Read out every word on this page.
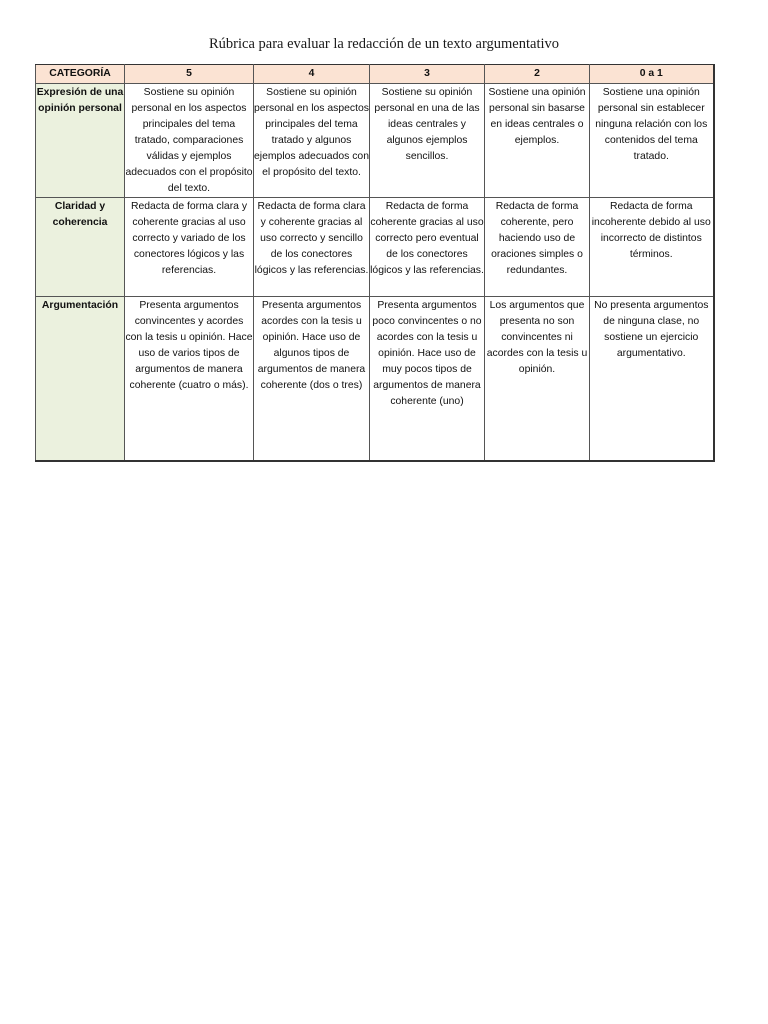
Rúbrica para evaluar la redacción de un texto argumentativo
CATEGORÍA	5	4	3	2	0 a 1
Expresión de una opinión personal	Sostiene su opinión personal en los aspectos principales del tema tratado, comparaciones válidas y ejemplos adecuados con el propósito del texto.	Sostiene su opinión personal en los aspectos principales del tema tratado y algunos ejemplos adecuados con el propósito del texto.	Sostiene su opinión personal en una de las ideas centrales y algunos ejemplos sencillos.	Sostiene una opinión personal sin basarse en ideas centrales o ejemplos.	Sostiene una opinión personal sin establecer ninguna relación con los contenidos del tema tratado.
Claridad y coherencia	Redacta de forma clara y coherente gracias al uso correcto y variado de los conectores lógicos y las referencias.	Redacta de forma clara y coherente gracias al uso correcto y sencillo de los conectores lógicos y las referencias.	Redacta de forma coherente gracias al uso correcto pero eventual de los conectores lógicos y las referencias.	Redacta de forma coherente, pero haciendo uso de oraciones simples o redundantes.	Redacta de forma incoherente debido al uso incorrecto de distintos términos.
Argumentación	Presenta argumentos convincentes y acordes con la tesis u opinión. Hace uso de varios tipos de argumentos de manera coherente (cuatro o más).	Presenta argumentos acordes con la tesis u opinión. Hace uso de algunos tipos de argumentos de manera coherente (dos o tres)	Presenta argumentos poco convincentes o no acordes con la tesis u opinión. Hace uso de muy pocos tipos de argumentos de manera coherente (uno)	Los argumentos que presenta no son convincentes ni acordes con la tesis u opinión.	No presenta argumentos de ninguna clase, no sostiene un ejercicio argumentativo.
